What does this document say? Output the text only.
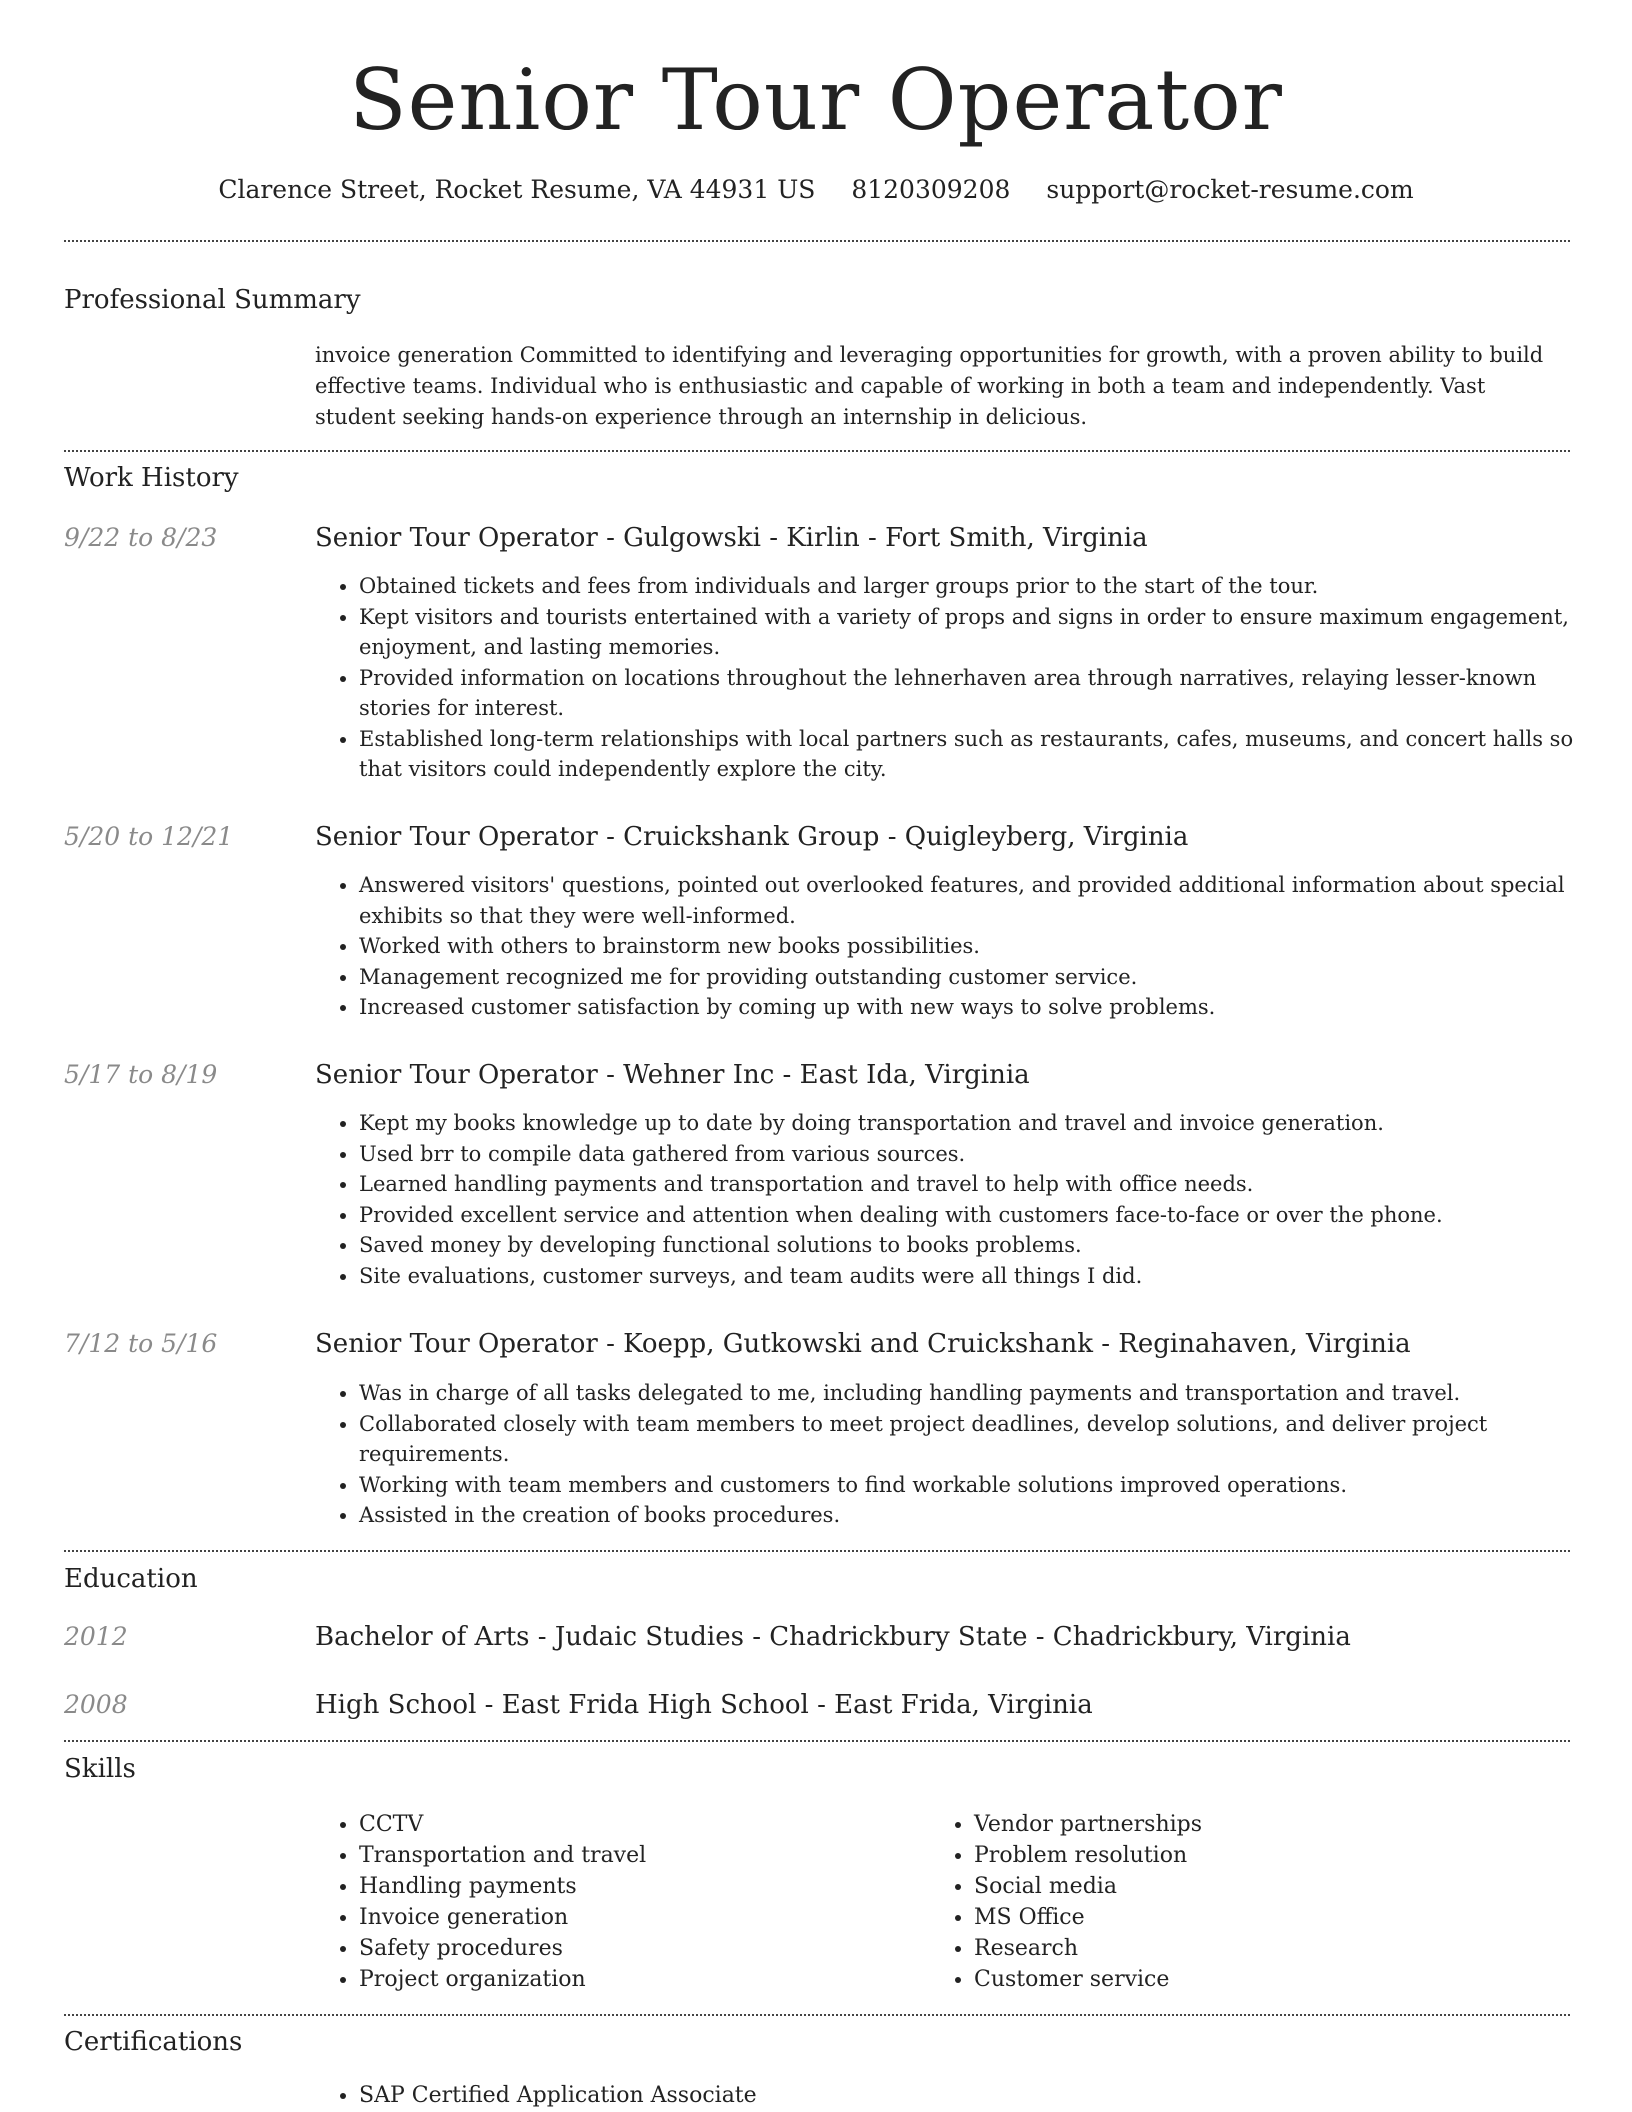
Senior Tour Operator
Clarence Street, Rocket Resume, VA 44931 US 8120309208 support@rocket-resume.com
Professional Summary

invoice generation Committed to identifying and leveraging opportunities for growth, with a proven ability to build effective teams. Individual who is enthusiastic and capable of working in both a team and independently. Vast student seeking hands-on experience through an internship in delicious.

Work History
9/22 to 8/23	Senior Tour Operator - Gulgowski - Kirlin - Fort Smith, Virginia
• Obtained tickets and fees from individuals and larger groups prior to the start of the tour.
• Kept visitors and tourists entertained with a variety of props and signs in order to ensure maximum engagement, enjoyment, and lasting memories.
• Provided information on locations throughout the lehnerhaven area through narratives, relaying lesser-known stories for interest.
• Established long-term relationships with local partners such as restaurants, cafes, museums, and concert halls so that visitors could independently explore the city.
5/20 to 12/21	Senior Tour Operator - Cruickshank Group - Quigleyberg, Virginia
• Answered visitors' questions, pointed out overlooked features, and provided additional information about special exhibits so that they were well-informed.
• Worked with others to brainstorm new books possibilities.
• Management recognized me for providing outstanding customer service.
• Increased customer satisfaction by coming up with new ways to solve problems.
5/17 to 8/19	Senior Tour Operator - Wehner Inc - East Ida, Virginia
• Kept my books knowledge up to date by doing transportation and travel and invoice generation.
• Used brr to compile data gathered from various sources.
• Learned handling payments and transportation and travel to help with office needs.
• Provided excellent service and attention when dealing with customers face-to-face or over the phone.
• Saved money by developing functional solutions to books problems.
• Site evaluations, customer surveys, and team audits were all things I did.
7/12 to 5/16	Senior Tour Operator - Koepp, Gutkowski and Cruickshank - Reginahaven, Virginia
• Was in charge of all tasks delegated to me, including handling payments and transportation and travel.
• Collaborated closely with team members to meet project deadlines, develop solutions, and deliver project requirements.
• Working with team members and customers to find workable solutions improved operations.
• Assisted in the creation of books procedures.
Education
2012	Bachelor of Arts - Judaic Studies - Chadrickbury State - Chadrickbury, Virginia
2008	High School - East Frida High School - East Frida, Virginia
Skills
• CCTV
• Transportation and travel
• Handling payments
• Invoice generation
• Safety procedures
• Project organization
• Vendor partnerships
• Problem resolution
• Social media
• MS Office
• Research
• Customer service
Certifications
• SAP Certified Application Associate
